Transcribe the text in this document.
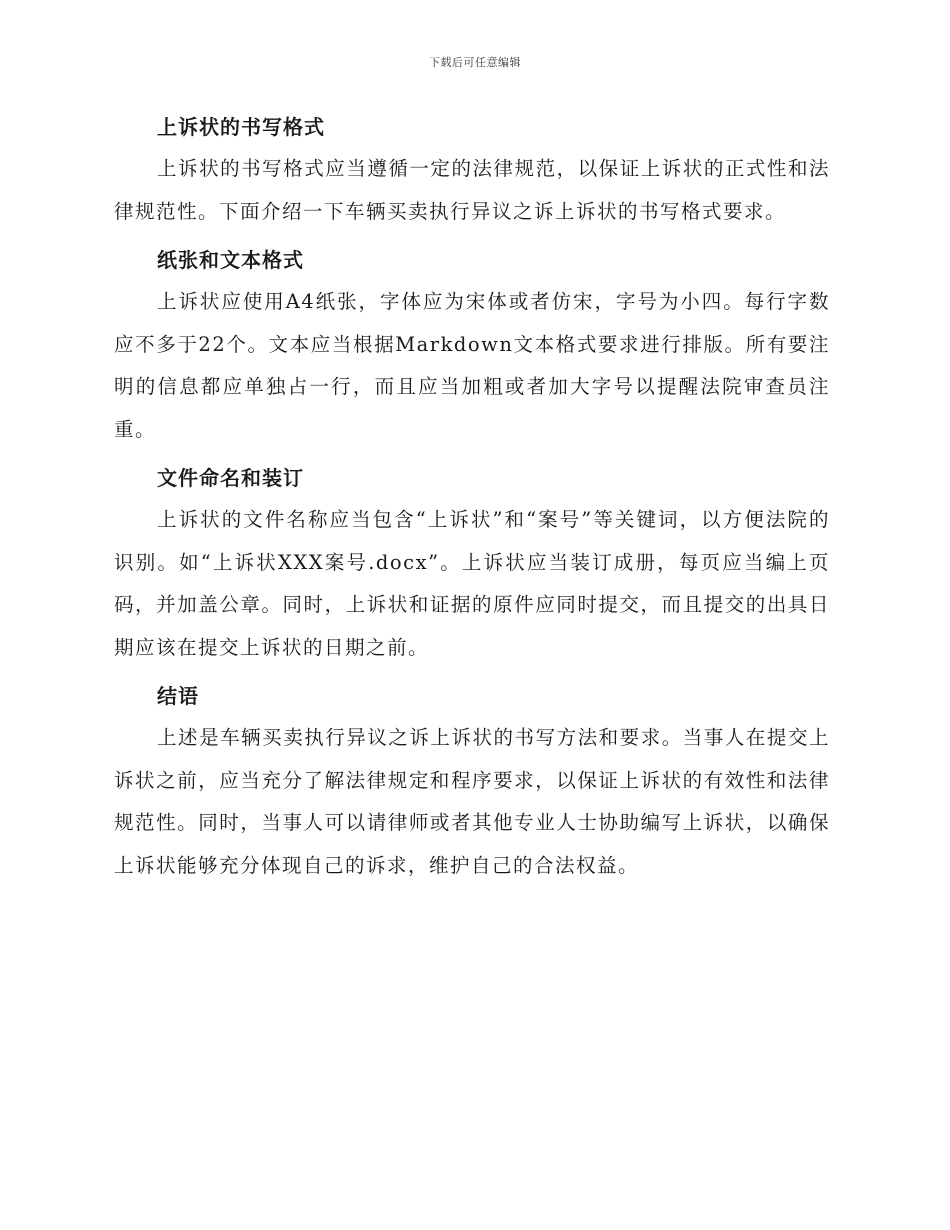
下载后可任意编辑
上诉状的书写格式

上诉状的书写格式应当遵循一定的法律规范，以保证上诉状的正式性和法律规范性。下面介绍一下车辆买卖执行异议之诉上诉状的书写格式要求。

纸张和文本格式

上诉状应使用A4纸张，字体应为宋体或者仿宋，字号为小四。每行字数应不多于22个。文本应当根据Markdown文本格式要求进行排版。所有要注明的信息都应单独占一行，而且应当加粗或者加大字号以提醒法院审查员注重。

文件命名和装订

上诉状的文件名称应当包含“上诉状”和“案号”等关键词，以方便法院的识别。如“上诉状XXX案号.docx”。上诉状应当装订成册，每页应当编上页码，并加盖公章。同时，上诉状和证据的原件应同时提交，而且提交的出具日期应该在提交上诉状的日期之前。

结语

上述是车辆买卖执行异议之诉上诉状的书写方法和要求。当事人在提交上诉状之前，应当充分了解法律规定和程序要求，以保证上诉状的有效性和法律规范性。同时，当事人可以请律师或者其他专业人士协助编写上诉状，以确保上诉状能够充分体现自己的诉求，维护自己的合法权益。
